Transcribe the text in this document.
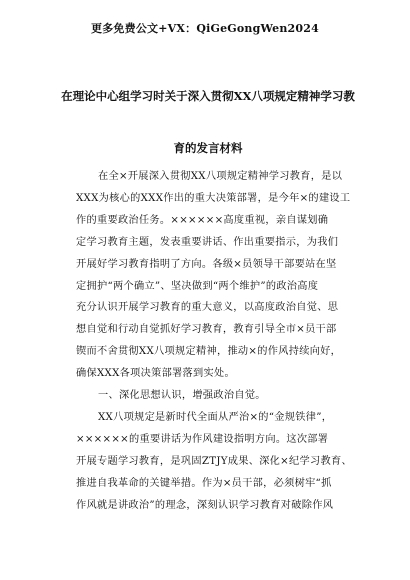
更多免费公文+VX：QiGeGongWen2024
在理论中心组学习时关于深入贯彻XX八项规定精神学习教
育的发言材料
在全×开展深入贯彻XX八项规定精神学习教育，是以
XXX为核心的XXX作出的重大决策部署，是今年×的建设工
作的重要政治任务。××××××高度重视，亲自谋划确
定学习教育主题，发表重要讲话、作出重要指示，为我们
开展好学习教育指明了方向。各级×员领导干部要站在坚
定拥护“两个确立”、坚决做到“两个维护”的政治高度
充分认识开展学习教育的重大意义，以高度政治自觉、思
想自觉和行动自觉抓好学习教育，教育引导全市×员干部
锲而不舍贯彻XX八项规定精神，推动×的作风持续向好，
确保XXX各项决策部署落到实处。
一、深化思想认识，增强政治自觉。
XX八项规定是新时代全面从严治×的“金规铁律”，
××××××的重要讲话为作风建设指明方向。这次部署
开展专题学习教育，是巩固ZTJY成果、深化×纪学习教育、
推进自我革命的关键举措。作为×员干部，必须树牢“抓
作风就是讲政治”的理念，深刻认识学习教育对破除作风
